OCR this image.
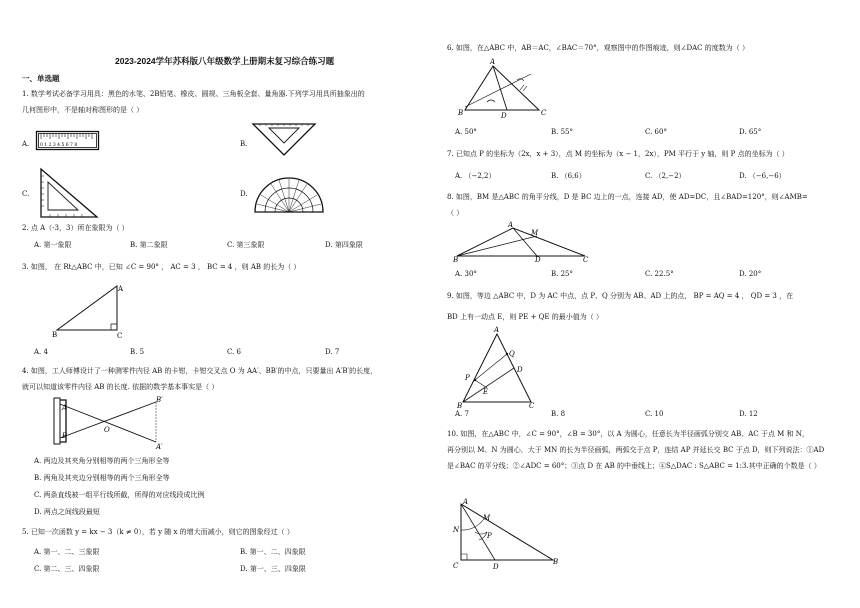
2023-2024学年苏科版八年级数学上册期末复习综合练习题
一、单选题
1. 数学考试必备学习用具：黑色的水笔、2B铅笔、橡皮、圆规、三角板全套、量角器.下列学习用具所抽象出的
几何图形中，不是轴对称图形的是（ ）
A. 0 1 2 3 4 5 6 7 8	B.
C.	D.
2. 点 A（-3，3）所在象限为（ ）
A. 第一象限	B. 第二象限	C. 第三象限	D. 第四象限
3. 如图， 在 Rt△ABC 中，已知 ∠C = 90° ， AC = 3 ， BC = 4 ，则 AB 的长为（ ）
A
B	C
A. 4	B. 5	C. 6	D. 7
4. 如图，工人师傅设计了一种测零件内径 AB 的卡钳，卡钳交叉点 O 为 AA′、BB′的中点，只要量出 A′B′的长度，
就可以知道该零件内径 AB 的长度. 依据的数学基本事实是（ ）
A
B
O
B′
A′
A. 两边及其夹角分别相等的两个三角形全等
B. 两角及其夹边分别相等的两个三角形全等
C. 两条直线被一组平行线所截，所得的对应线段成比例
D. 两点之间线段最短
5. 已知一次函数 y = kx − 3（k ≠ 0），若 y 随 x 的增大而减小，则它的图象经过（ ）
A. 第一、二、三象限	B. 第一、二、四象限
C. 第二、三、四象限	D. 第一、三、四象限
6. 如图，在△ABC 中，AB＝AC，∠BAC＝70°，观察图中的作图痕迹，则∠DAC 的度数为（ ）
A
B	D	C
A. 50°	B. 55°	C. 60°	D. 65°
7. 已知点 P 的坐标为（2x，x + 3），点 M 的坐标为（x − 1，2x），PM 平行于 y 轴，则 P 点的坐标为（ ）
A. （−2,2）	B. （6,6）	C. （2,−2）	D. （−6,−6）
8. 如图，BM 是△ABC 的角平分线，D 是 BC 边上的一点，连接 AD，使 AD=DC，且∠BAD=120°，则∠AMB=
（ ）
A
M
B	D	C
A. 30°	B. 25°	C. 22.5°	D. 20°
9. 如图，等边 △ABC 中，D 为 AC 中点，点 P、Q 分别为 AB、AD 上的点， BP = AQ = 4 ， QD = 3 ，在
BD 上有一动点 E，则 PE + QE 的最小值为（ ）
A
Q
D
P
E
B	C
A. 7	B. 8	C. 10	D. 12
10. 如图，在△ABC 中，∠C = 90°，∠B = 30°，以 A 为圆心，任意长为半径画弧分别交 AB、AC 于点 M 和 N，
再分别以 M、N 为圆心，大于 MN 的长为半径画弧，两弧交于点 P，连结 AP 并延长交 BC 于点 D，则下列说法：①AD
是∠BAC 的平分线；②∠ADC = 60°；③点 D 在 AB 的中垂线上；④S△DAC : S△ABC = 1:3.其中正确的个数是（ ）
A
M
N
P
C	D
B
